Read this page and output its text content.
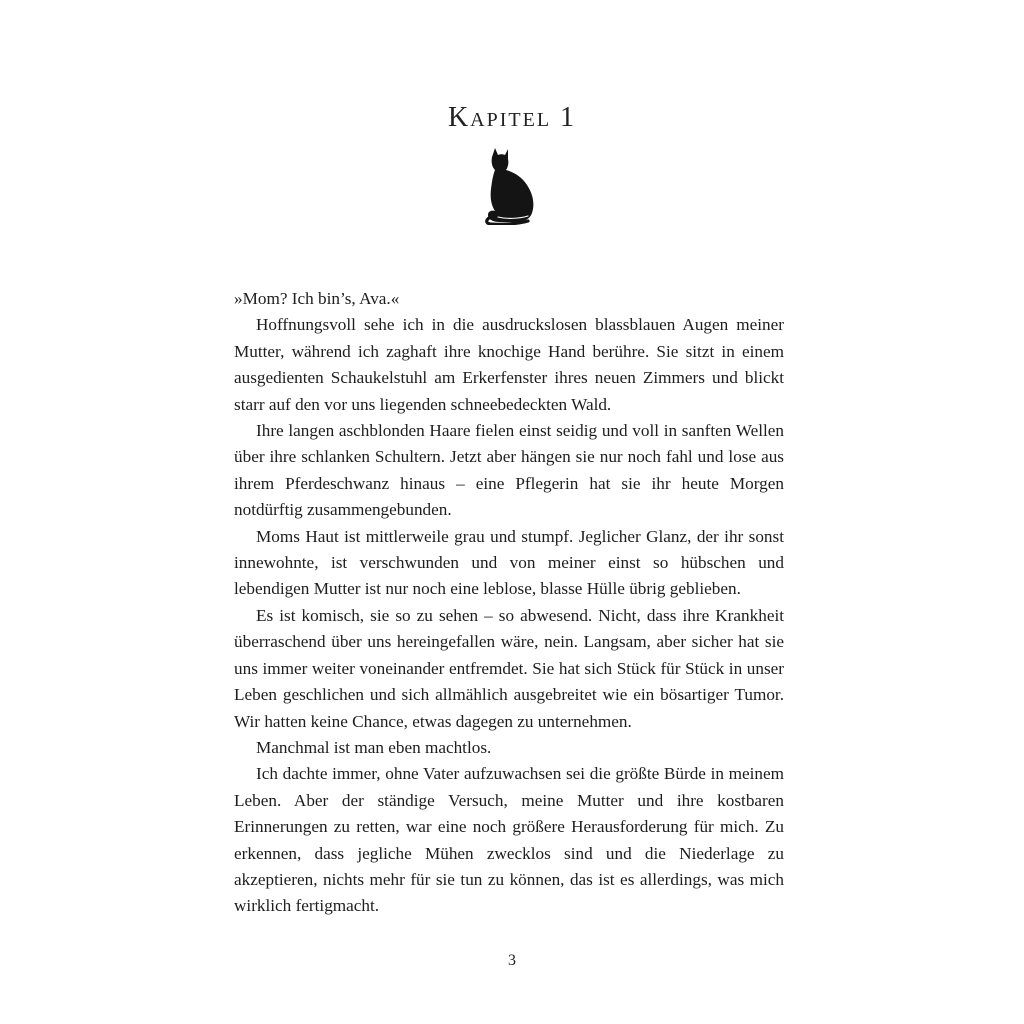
Kapitel 1

»Mom? Ich bin’s, Ava.«

Hoffnungsvoll sehe ich in die ausdruckslosen blassblauen Augen meiner Mutter, während ich zaghaft ihre knochige Hand berühre. Sie sitzt in einem ausgedienten Schaukelstuhl am Erkerfenster ihres neuen Zimmers und blickt starr auf den vor uns liegenden schneebedeckten Wald.

Ihre langen aschblonden Haare fielen einst seidig und voll in sanften Wellen über ihre schlanken Schultern. Jetzt aber hängen sie nur noch fahl und lose aus ihrem Pferdeschwanz hinaus – eine Pflegerin hat sie ihr heute Morgen notdürftig zusammengebunden.

Moms Haut ist mittlerweile grau und stumpf. Jeglicher Glanz, der ihr sonst innewohnte, ist verschwunden und von meiner einst so hübschen und lebendigen Mutter ist nur noch eine leblose, blasse Hülle übrig geblieben.

Es ist komisch, sie so zu sehen – so abwesend. Nicht, dass ihre Krankheit überraschend über uns hereingefallen wäre, nein. Langsam, aber sicher hat sie uns immer weiter voneinander entfremdet. Sie hat sich Stück für Stück in unser Leben geschlichen und sich allmählich ausgebreitet wie ein bösartiger Tumor. Wir hatten keine Chance, etwas dagegen zu unternehmen.

Manchmal ist man eben machtlos.

Ich dachte immer, ohne Vater aufzuwachsen sei die größte Bürde in meinem Leben. Aber der ständige Versuch, meine Mutter und ihre kostbaren Erinnerungen zu retten, war eine noch größere Herausforderung für mich. Zu erkennen, dass jegliche Mühen zwecklos sind und die Niederlage zu akzeptieren, nichts mehr für sie tun zu können, das ist es allerdings, was mich wirklich fertigmacht.

3
